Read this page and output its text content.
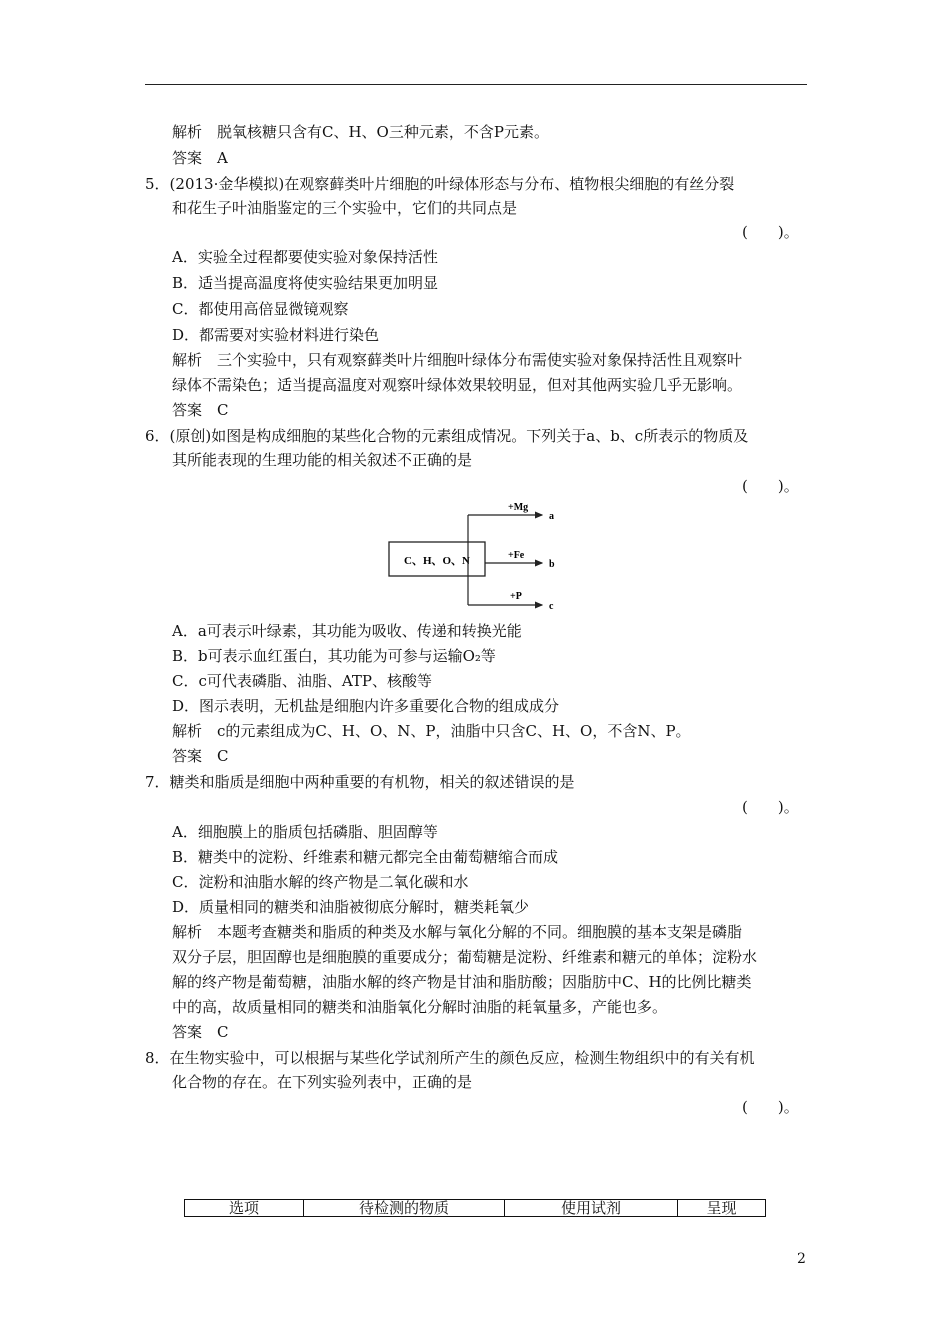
解析　脱氧核糖只含有C、H、O三种元素，不含P元素。
答案　A
5．(2013·金华模拟)在观察藓类叶片细胞的叶绿体形态与分布、植物根尖细胞的有丝分裂
和花生子叶油脂鉴定的三个实验中，它们的共同点是
(　　)。
A．实验全过程都要使实验对象保持活性
B．适当提高温度将使实验结果更加明显
C．都使用高倍显微镜观察
D．都需要对实验材料进行染色
解析　三个实验中，只有观察藓类叶片细胞叶绿体分布需使实验对象保持活性且观察叶
绿体不需染色；适当提高温度对观察叶绿体效果较明显，但对其他两实验几乎无影响。
答案　C
6．(原创)如图是构成细胞的某些化合物的元素组成情况。下列关于a、b、c所表示的物质及
其所能表现的生理功能的相关叙述不正确的是
(　　)。
C、H、O、N
+Mg
+Fe
+P
a
b
c
A．a可表示叶绿素，其功能为吸收、传递和转换光能
B．b可表示血红蛋白，其功能为可参与运输O₂等
C．c可代表磷脂、油脂、ATP、核酸等
D．图示表明，无机盐是细胞内许多重要化合物的组成成分
解析　c的元素组成为C、H、O、N、P，油脂中只含C、H、O，不含N、P。
答案　C
7．糖类和脂质是细胞中两种重要的有机物，相关的叙述错误的是
(　　)。
A．细胞膜上的脂质包括磷脂、胆固醇等
B．糖类中的淀粉、纤维素和糖元都完全由葡萄糖缩合而成
C．淀粉和油脂水解的终产物是二氧化碳和水
D．质量相同的糖类和油脂被彻底分解时，糖类耗氧少
解析　本题考查糖类和脂质的种类及水解与氧化分解的不同。细胞膜的基本支架是磷脂
双分子层，胆固醇也是细胞膜的重要成分；葡萄糖是淀粉、纤维素和糖元的单体；淀粉水
解的终产物是葡萄糖，油脂水解的终产物是甘油和脂肪酸；因脂肪中C、H的比例比糖类
中的高，故质量相同的糖类和油脂氧化分解时油脂的耗氧量多，产能也多。
答案　C
8．在生物实验中，可以根据与某些化学试剂所产生的颜色反应，检测生物组织中的有关有机
化合物的存在。在下列实验列表中，正确的是
(　　)。
选项	待检测的物质	使用试剂	呈现
2
